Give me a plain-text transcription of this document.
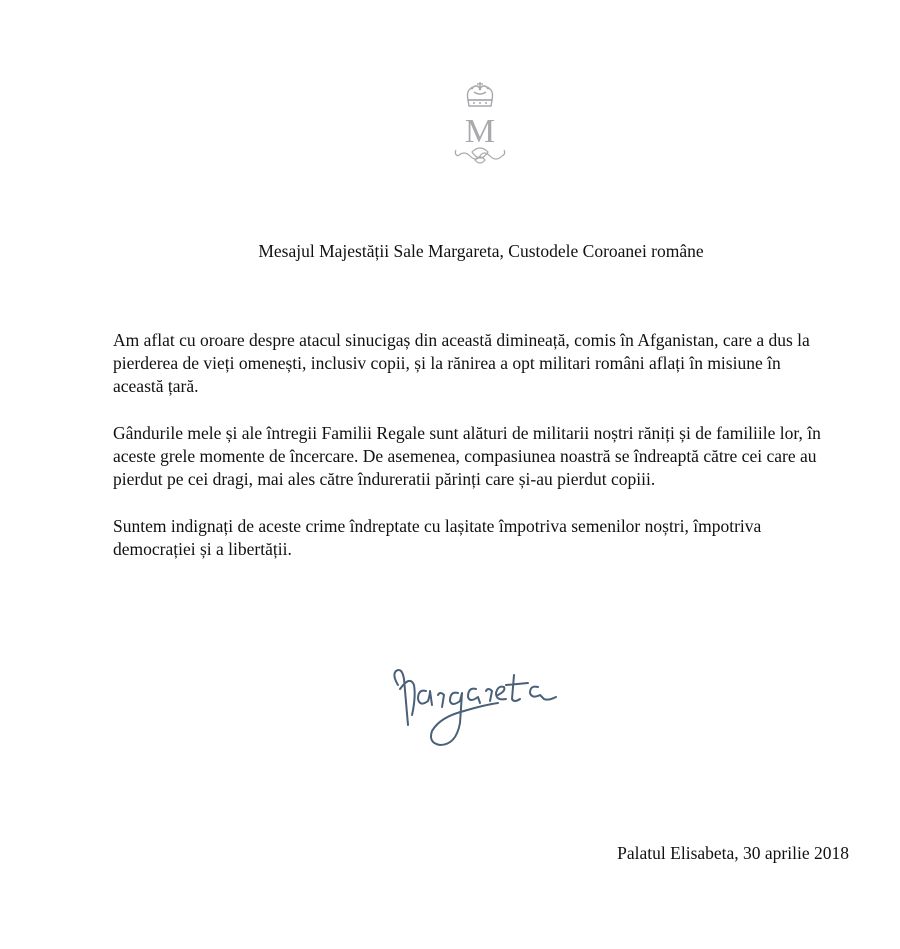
M
Mesajul Majestății Sale Margareta, Custodele Coroanei române

Am aflat cu oroare despre atacul sinucigaș din această dimineață, comis în Afganistan, care a dus la pierderea de vieți omenești, inclusiv copii, și la rănirea a opt militari români aflați în misiune în această țară.

Gândurile mele și ale întregii Familii Regale sunt alături de militarii noștri răniți și de familiile lor, în aceste grele momente de încercare. De asemenea, compasiunea noastră se îndreaptă către cei care au pierdut pe cei dragi, mai ales către îndureratii părinți care și-au pierdut copiii.

Suntem indignați de aceste crime îndreptate cu lașitate împotriva semenilor noștri, împotriva democrației și a libertății.

Palatul Elisabeta, 30 aprilie 2018
